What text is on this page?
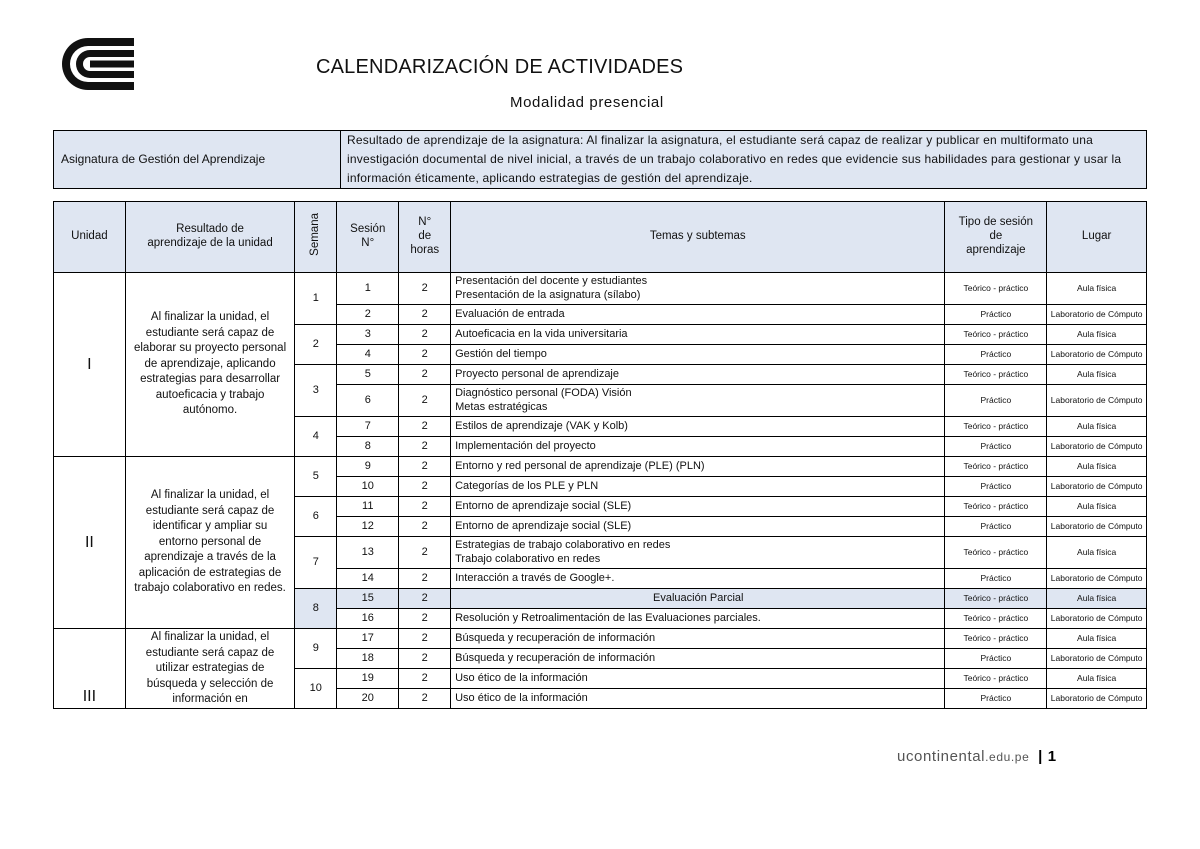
CALENDARIZACIÓN DE ACTIVIDADES
Modalidad presencial
Asignatura de Gestión del Aprendizaje	Resultado de aprendizaje de la asignatura: Al finalizar la asignatura, el estudiante será capaz de realizar y publicar en multiformato una investigación documental de nivel inicial, a través de un trabajo colaborativo en redes que evidencie sus habilidades para gestionar y usar la información éticamente, aplicando estrategias de gestión del aprendizaje.
Unidad	Resultado de aprendizaje de la unidad	Semana	Sesión N°	N° de horas	Temas y subtemas	Tipo de sesión de aprendizaje	Lugar
I	Al finalizar la unidad, el estudiante será capaz de elaborar su proyecto personal de aprendizaje, aplicando estrategias para desarrollar autoeficacia y trabajo autónomo.	1	1	2	Presentación del docente y estudiantes
Presentación de la asignatura (sílabo)	Teórico - práctico	Aula física
			2	2	Evaluación de entrada	Práctico	Laboratorio de Cómputo
		2	3	2	Autoeficacia en la vida universitaria	Teórico - práctico	Aula física
			4	2	Gestión del tiempo	Práctico	Laboratorio de Cómputo
		3	5	2	Proyecto personal de aprendizaje	Teórico - práctico	Aula física
			6	2	Diagnóstico personal (FODA) Visión
Metas estratégicas	Práctico	Laboratorio de Cómputo
		4	7	2	Estilos de aprendizaje (VAK y Kolb)	Teórico - práctico	Aula física
			8	2	Implementación del proyecto	Práctico	Laboratorio de Cómputo
II	Al finalizar la unidad, el estudiante será capaz de identificar y ampliar su entorno personal de aprendizaje a través de la aplicación de estrategias de trabajo colaborativo en redes.	5	9	2	Entorno y red personal de aprendizaje (PLE) (PLN)	Teórico - práctico	Aula física
			10	2	Categorías de los PLE y PLN	Práctico	Laboratorio de Cómputo
		6	11	2	Entorno de aprendizaje social (SLE)	Teórico - práctico	Aula física
			12	2	Entorno de aprendizaje social (SLE)	Práctico	Laboratorio de Cómputo
		7	13	2	Estrategias de trabajo colaborativo en redes
Trabajo colaborativo en redes	Teórico - práctico	Aula física
			14	2	Interacción a través de Google+.	Práctico	Laboratorio de Cómputo
		8	15	2	Evaluación Parcial	Teórico - práctico	Aula física
			16	2	Resolución y Retroalimentación de las Evaluaciones parciales.	Teórico - práctico	Laboratorio de Cómputo
III	Al finalizar la unidad, el estudiante será capaz de utilizar estrategias de búsqueda y selección de información en	9	17	2	Búsqueda y recuperación de información	Teórico - práctico	Aula física
			18	2	Búsqueda y recuperación de información	Práctico	Laboratorio de Cómputo
		10	19	2	Uso ético de la información	Teórico - práctico	Aula física
			20	2	Uso ético de la información	Práctico	Laboratorio de Cómputo
ucontinental.edu.pe | 1
